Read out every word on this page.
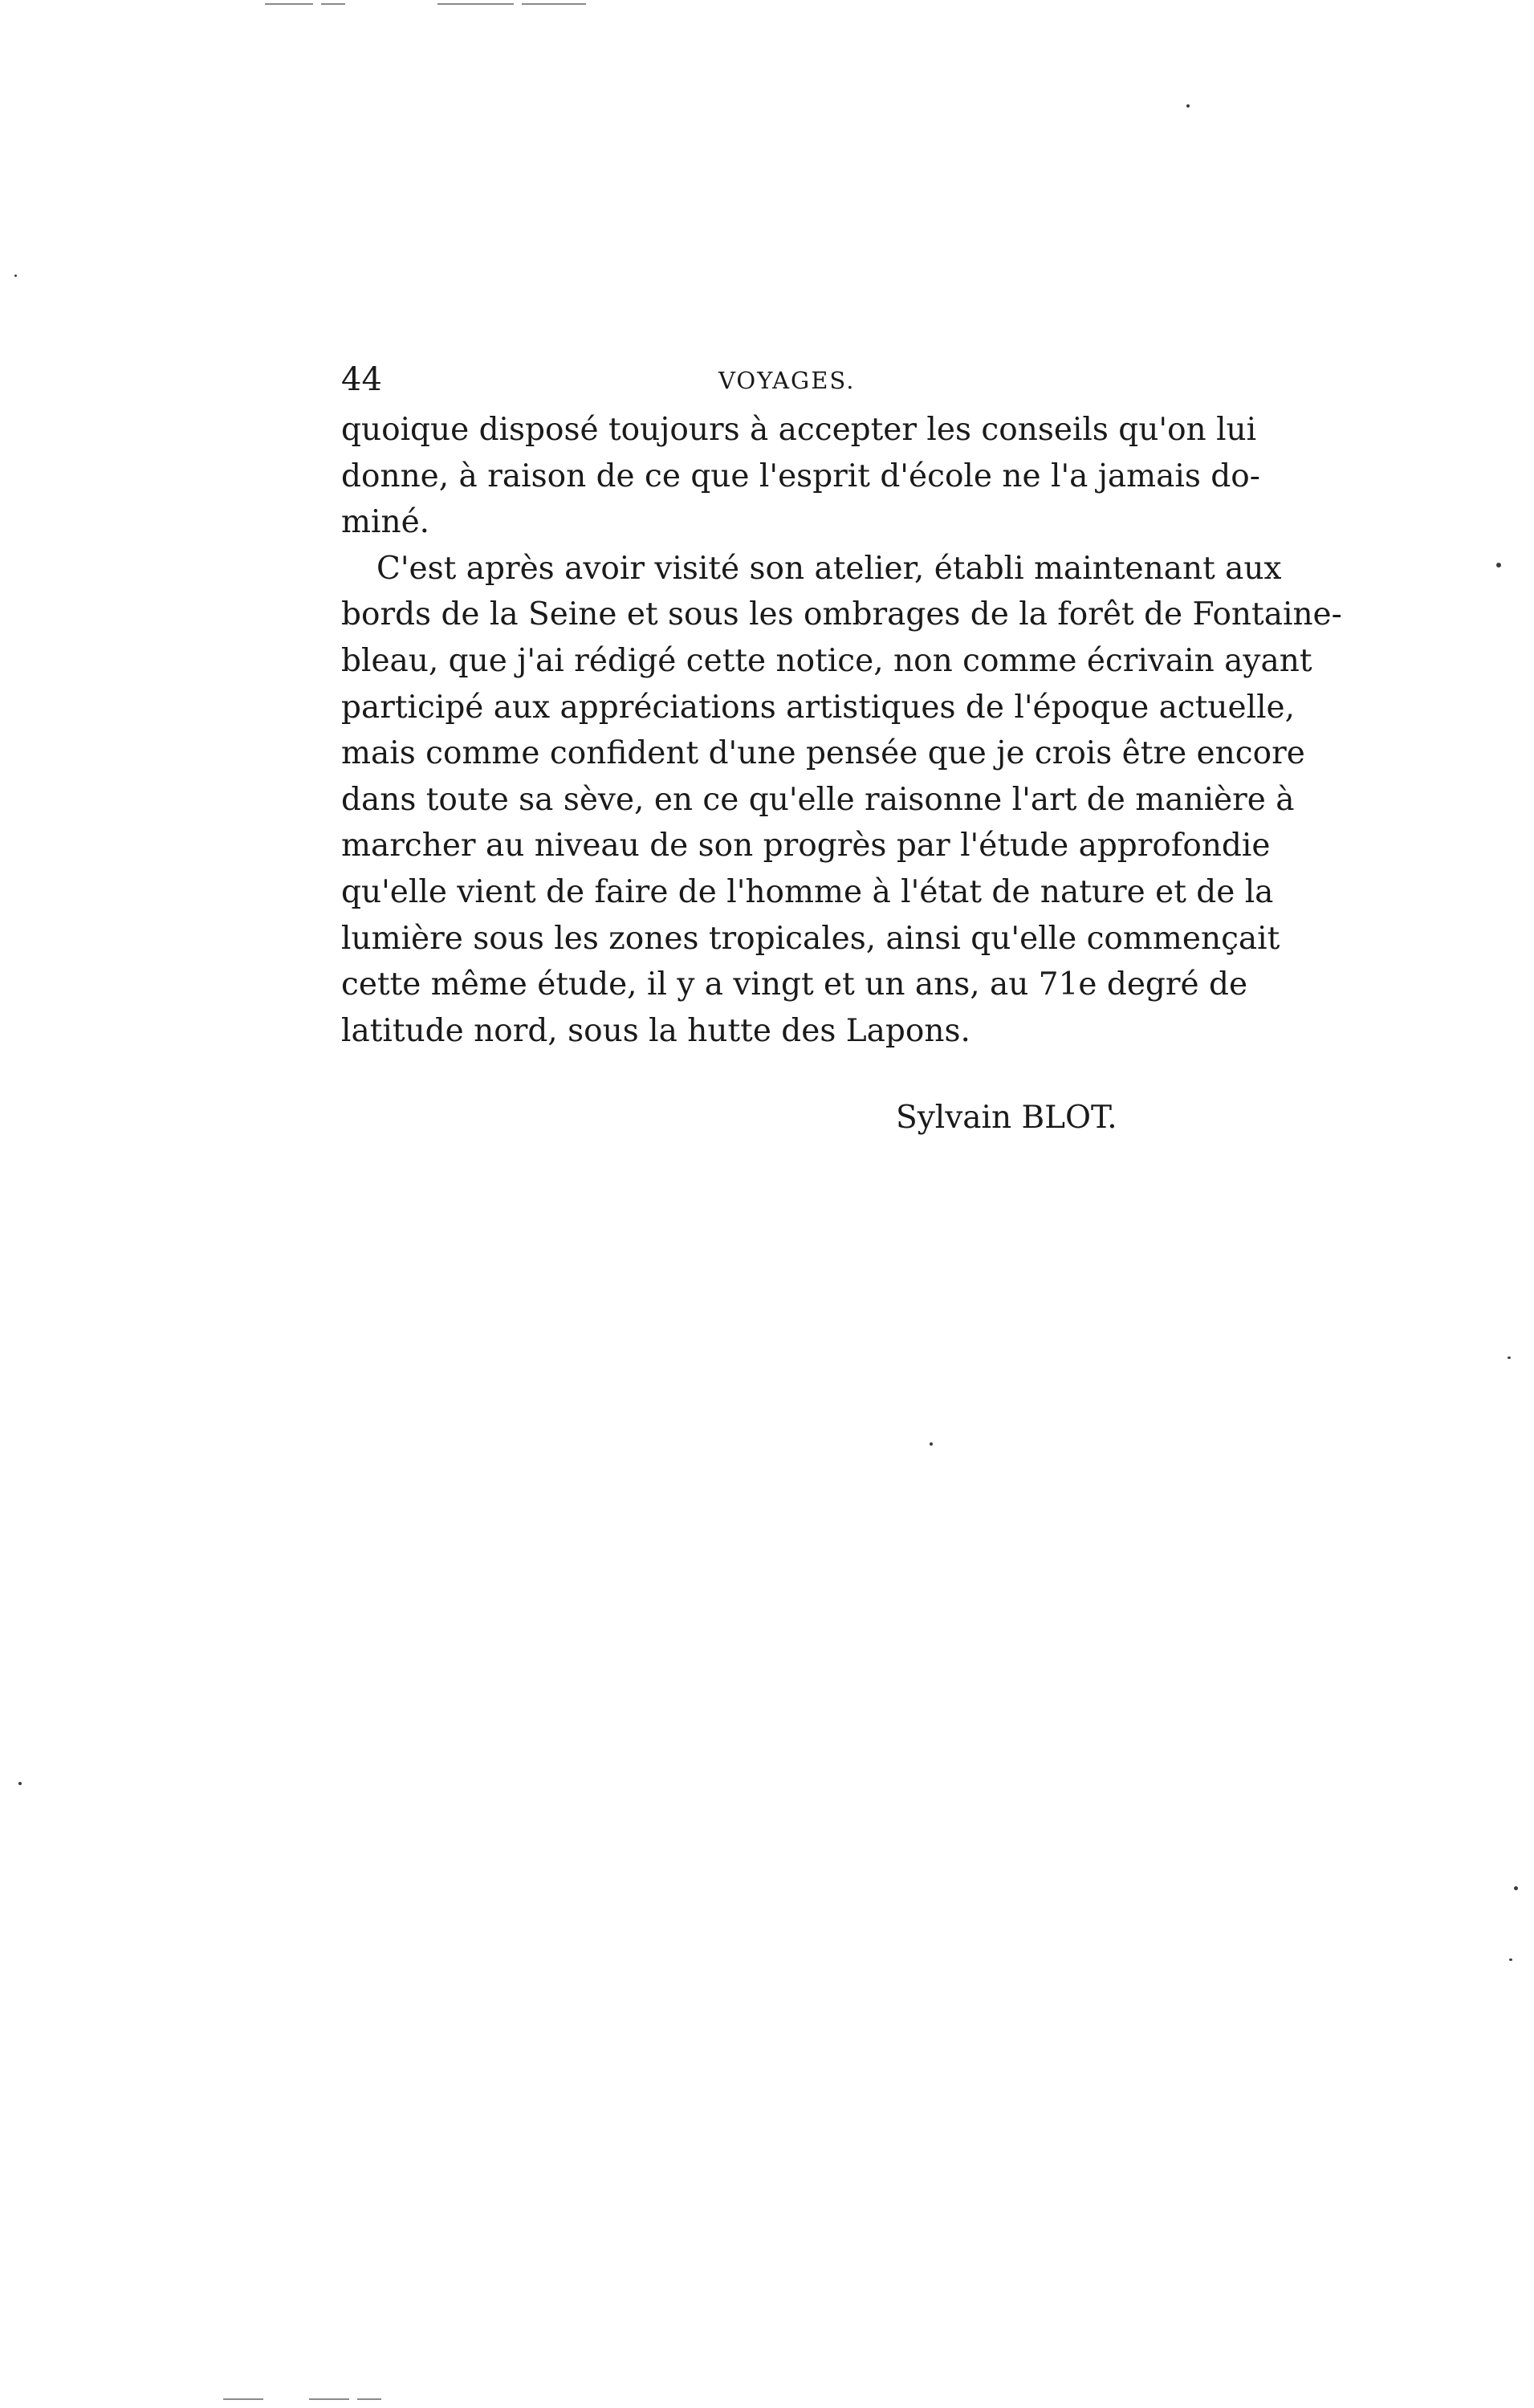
44	VOYAGES.
quoique disposé toujours à accepter les conseils qu'on lui
donne, à raison de ce que l'esprit d'école ne l'a jamais do-
miné.
C'est après avoir visité son atelier, établi maintenant aux
bords de la Seine et sous les ombrages de la forêt de Fontaine-
bleau, que j'ai rédigé cette notice, non comme écrivain ayant
participé aux appréciations artistiques de l'époque actuelle,
mais comme confident d'une pensée que je crois être encore
dans toute sa sève, en ce qu'elle raisonne l'art de manière à
marcher au niveau de son progrès par l'étude approfondie
qu'elle vient de faire de l'homme à l'état de nature et de la
lumière sous les zones tropicales, ainsi qu'elle commençait
cette même étude, il y a vingt et un ans, au 71e degré de
latitude nord, sous la hutte des Lapons.
Sylvain BLOT.
